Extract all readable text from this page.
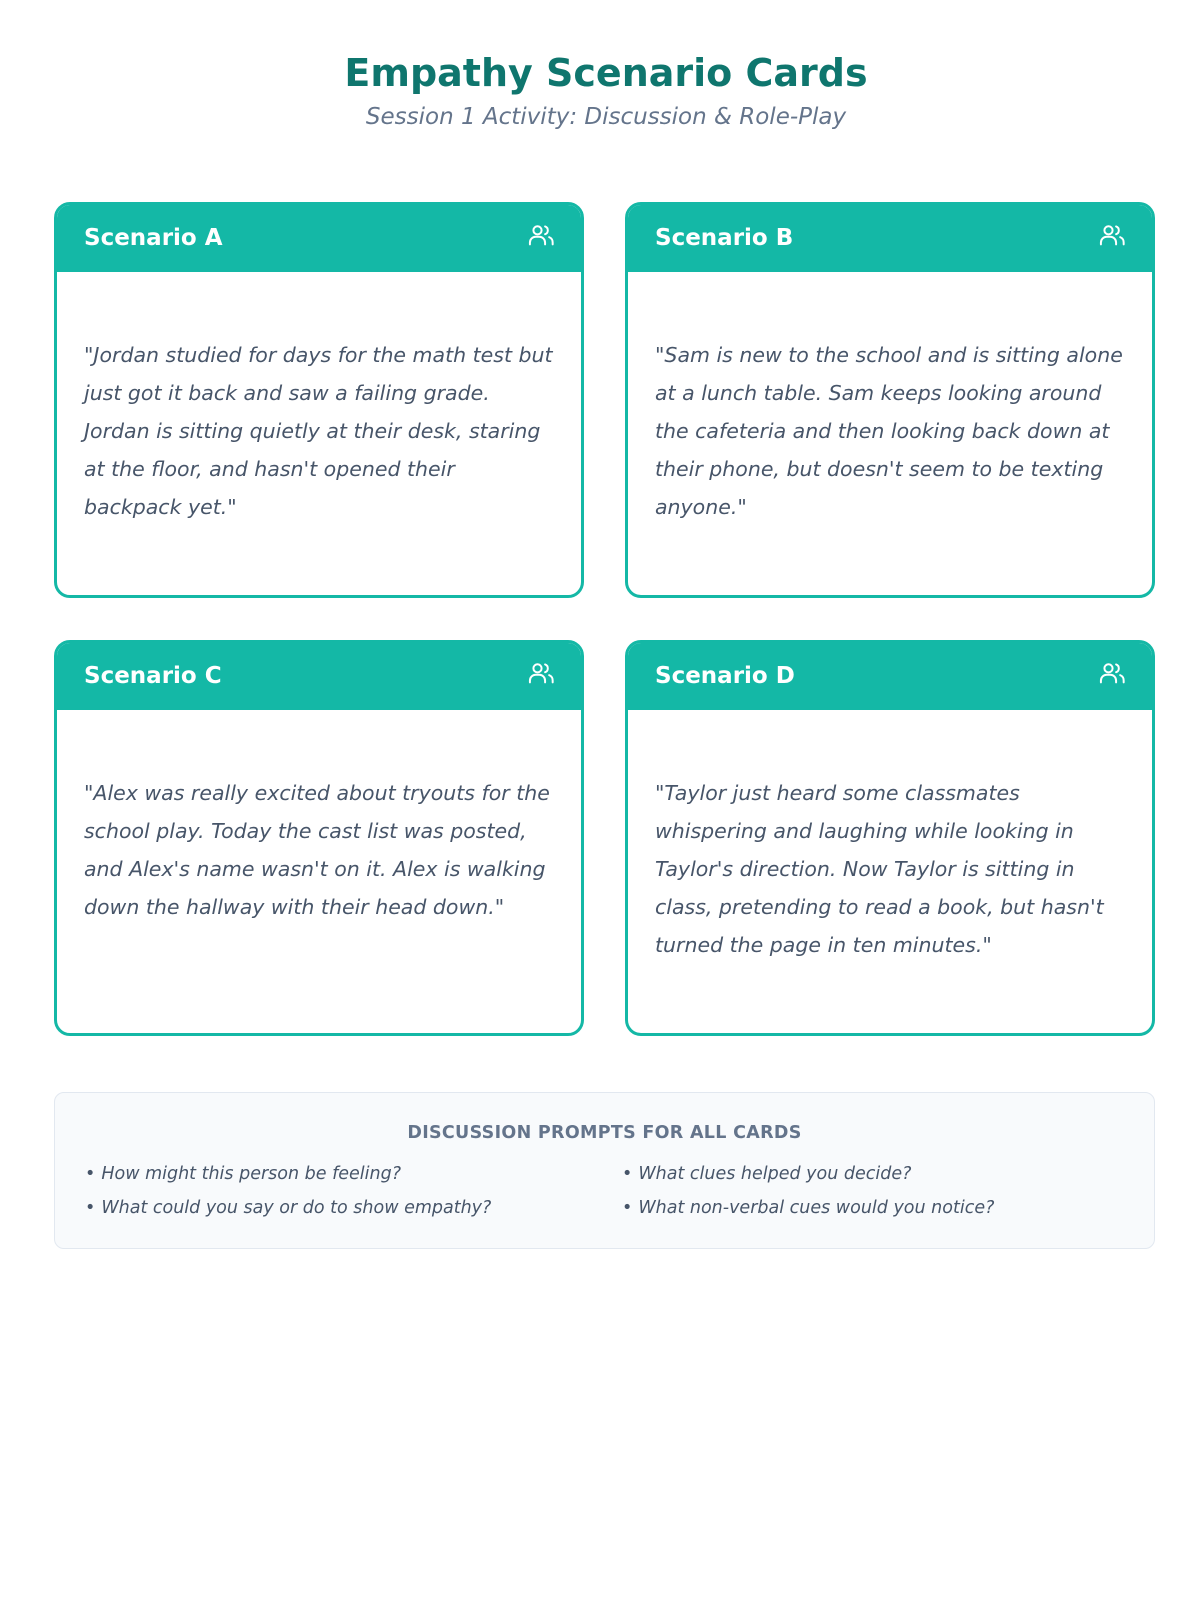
Empathy Scenario Cards

Session 1 Activity: Discussion & Role-Play

Scenario A

"Jordan studied for days for the math test but just got it back and saw a failing grade. Jordan is sitting quietly at their desk, staring at the floor, and hasn't opened their backpack yet."

Scenario B

"Sam is new to the school and is sitting alone at a lunch table. Sam keeps looking around the cafeteria and then looking back down at their phone, but doesn't seem to be texting anyone."

Scenario C

"Alex was really excited about tryouts for the school play. Today the cast list was posted, and Alex's name wasn't on it. Alex is walking down the hallway with their head down."

Scenario D

"Taylor just heard some classmates whispering and laughing while looking in Taylor's direction. Now Taylor is sitting in class, pretending to read a book, but hasn't turned the page in ten minutes."

DISCUSSION PROMPTS FOR ALL CARDS
• How might this person be feeling?	• What clues helped you decide?
• What could you say or do to show empathy?	• What non-verbal cues would you notice?
